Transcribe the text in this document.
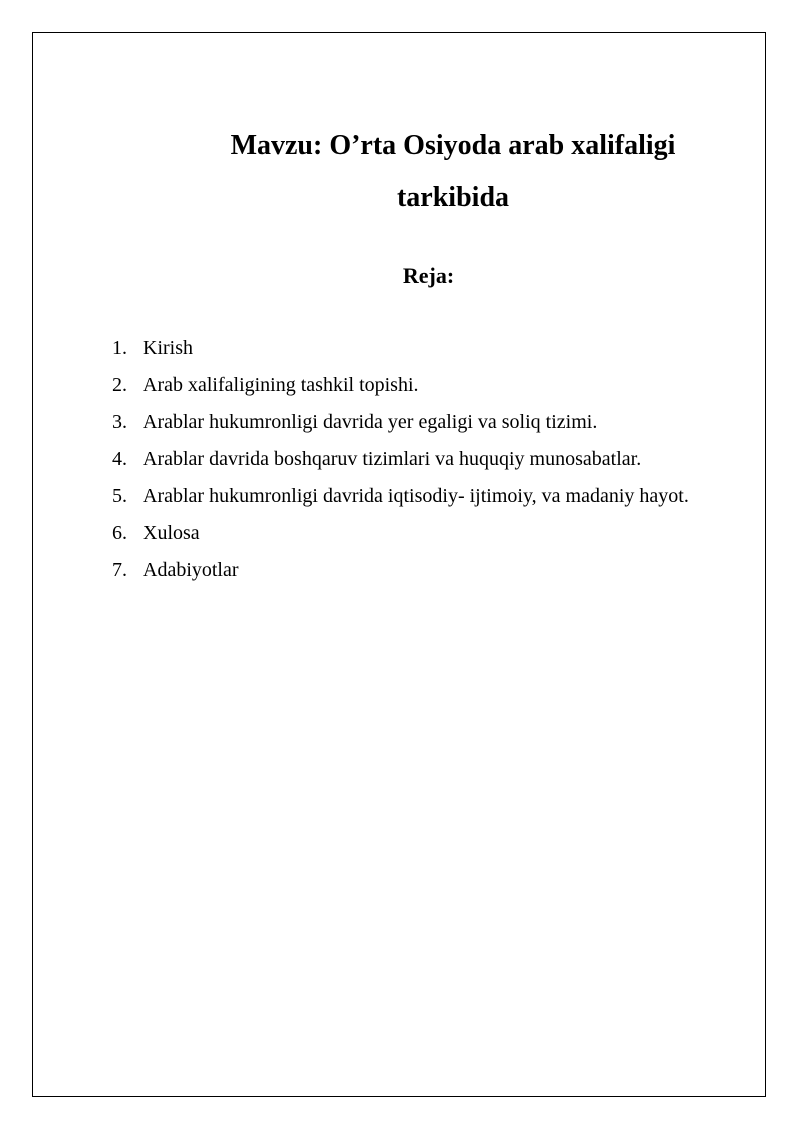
Mavzu: O’rta Osiyoda arab xalifaligi
tarkibida
Reja:
1. Kirish
2. Arab xalifaligining tashkil topishi.
3. Arablar hukumronligi davrida yer egaligi va soliq tizimi.
4. Arablar davrida boshqaruv tizimlari va huquqiy munosabatlar.
5. Arablar hukumronligi davrida iqtisodiy- ijtimoiy, va madaniy hayot.
6. Xulosa
7. Adabiyotlar
